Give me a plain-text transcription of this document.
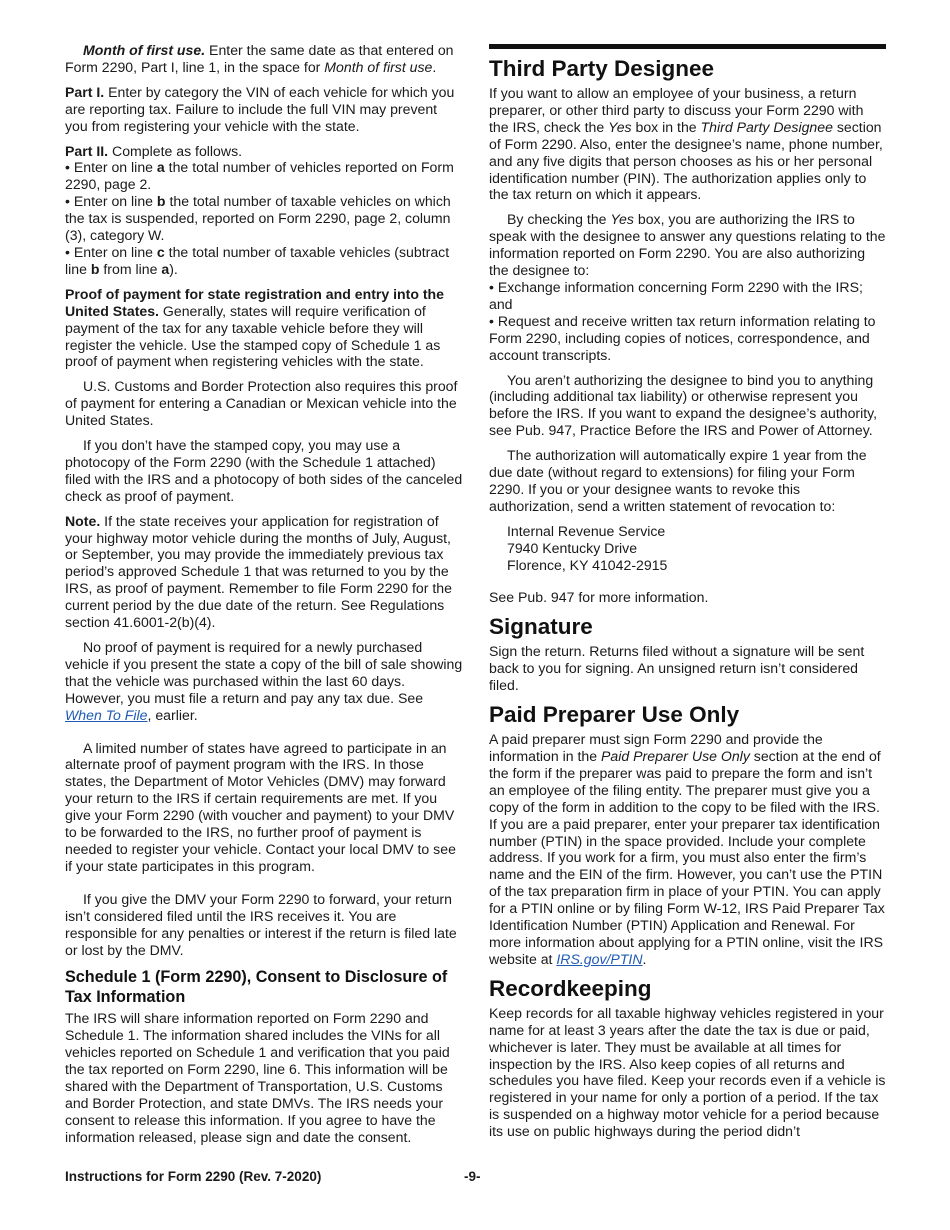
Month of first use. Enter the same date as that entered on Form 2290, Part I, line 1, in the space for Month of first use.

Part I. Enter by category the VIN of each vehicle for which you are reporting tax. Failure to include the full VIN may prevent you from registering your vehicle with the state.

Part II. Complete as follows.

• Enter on line a the total number of vehicles reported on Form 2290, page 2.

• Enter on line b the total number of taxable vehicles on which the tax is suspended, reported on Form 2290, page 2, column (3), category W.

• Enter on line c the total number of taxable vehicles (subtract line b from line a).

Proof of payment for state registration and entry into the United States. Generally, states will require verification of payment of the tax for any taxable vehicle before they will register the vehicle. Use the stamped copy of Schedule 1 as proof of payment when registering vehicles with the state.

U.S. Customs and Border Protection also requires this proof of payment for entering a Canadian or Mexican vehicle into the United States.

If you don’t have the stamped copy, you may use a photocopy of the Form 2290 (with the Schedule 1 attached) filed with the IRS and a photocopy of both sides of the canceled check as proof of payment.

Note. If the state receives your application for registration of your highway motor vehicle during the months of July, August, or September, you may provide the immediately previous tax period’s approved Schedule 1 that was returned to you by the IRS, as proof of payment. Remember to file Form 2290 for the current period by the due date of the return. See Regulations section 41.6001-2(b)(4).

No proof of payment is required for a newly purchased vehicle if you present the state a copy of the bill of sale showing that the vehicle was purchased within the last 60 days. However, you must file a return and pay any tax due. See When To File, earlier.

A limited number of states have agreed to participate in an alternate proof of payment program with the IRS. In those states, the Department of Motor Vehicles (DMV) may forward your return to the IRS if certain requirements are met. If you give your Form 2290 (with voucher and payment) to your DMV to be forwarded to the IRS, no further proof of payment is needed to register your vehicle. Contact your local DMV to see if your state participates in this program.

If you give the DMV your Form 2290 to forward, your return isn’t considered filed until the IRS receives it. You are responsible for any penalties or interest if the return is filed late or lost by the DMV.

Schedule 1 (Form 2290), Consent to Disclosure of Tax Information

The IRS will share information reported on Form 2290 and Schedule 1. The information shared includes the VINs for all vehicles reported on Schedule 1 and verification that you paid the tax reported on Form 2290, line 6. This information will be shared with the Department of Transportation, U.S. Customs and Border Protection, and state DMVs. The IRS needs your consent to release this information. If you agree to have the information released, please sign and date the consent.

Third Party Designee

If you want to allow an employee of your business, a return preparer, or other third party to discuss your Form 2290 with the IRS, check the Yes box in the Third Party Designee section of Form 2290. Also, enter the designee’s name, phone number, and any five digits that person chooses as his or her personal identification number (PIN). The authorization applies only to the tax return on which it appears.

By checking the Yes box, you are authorizing the IRS to speak with the designee to answer any questions relating to the information reported on Form 2290. You are also authorizing the designee to:

• Exchange information concerning Form 2290 with the IRS; and

• Request and receive written tax return information relating to Form 2290, including copies of notices, correspondence, and account transcripts.

You aren’t authorizing the designee to bind you to anything (including additional tax liability) or otherwise represent you before the IRS. If you want to expand the designee’s authority, see Pub. 947, Practice Before the IRS and Power of Attorney.

The authorization will automatically expire 1 year from the due date (without regard to extensions) for filing your Form 2290. If you or your designee wants to revoke this authorization, send a written statement of revocation to:

Internal Revenue Service
7940 Kentucky Drive
Florence, KY 41042-2915

See Pub. 947 for more information.

Signature

Sign the return. Returns filed without a signature will be sent back to you for signing. An unsigned return isn’t considered filed.

Paid Preparer Use Only

A paid preparer must sign Form 2290 and provide the information in the Paid Preparer Use Only section at the end of the form if the preparer was paid to prepare the form and isn’t an employee of the filing entity. The preparer must give you a copy of the form in addition to the copy to be filed with the IRS. If you are a paid preparer, enter your preparer tax identification number (PTIN) in the space provided. Include your complete address. If you work for a firm, you must also enter the firm’s name and the EIN of the firm. However, you can’t use the PTIN of the tax preparation firm in place of your PTIN. You can apply for a PTIN online or by filing Form W-12, IRS Paid Preparer Tax Identification Number (PTIN) Application and Renewal. For more information about applying for a PTIN online, visit the IRS website at IRS.gov/PTIN.

Recordkeeping

Keep records for all taxable highway vehicles registered in your name for at least 3 years after the date the tax is due or paid, whichever is later. They must be available at all times for inspection by the IRS. Also keep copies of all returns and schedules you have filed. Keep your records even if a vehicle is registered in your name for only a portion of a period. If the tax is suspended on a highway motor vehicle for a period because its use on public highways during the period didn’t

Instructions for Form 2290 (Rev. 7-2020)	-9-
